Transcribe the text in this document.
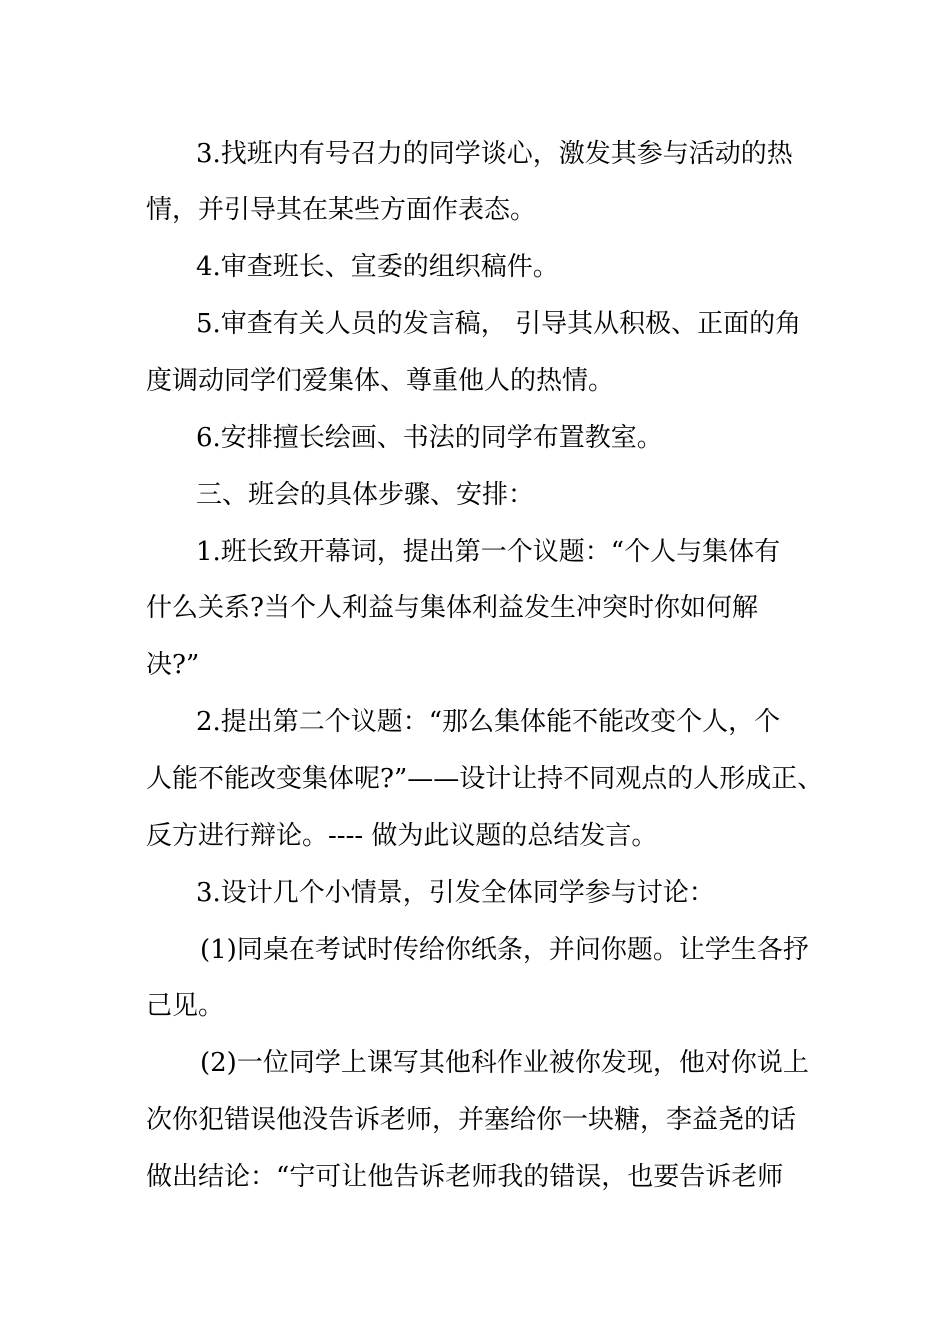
3.找班内有号召力的同学谈心，激发其参与活动的热

情，并引导其在某些方面作表态。

4.审查班长、宣委的组织稿件。

5.审查有关人员的发言稿， 引导其从积极、正面的角

度调动同学们爱集体、尊重他人的热情。

6.安排擅长绘画、书法的同学布置教室。

三、班会的具体步骤、安排：

1.班长致开幕词，提出第一个议题：“个人与集体有

什么关系?当个人利益与集体利益发生冲突时你如何解

决?”

2.提出第二个议题：“那么集体能不能改变个人，个

人能不能改变集体呢?”——设计让持不同观点的人形成正、

反方进行辩论。---- 做为此议题的总结发言。

3.设计几个小情景，引发全体同学参与讨论：

(1)同桌在考试时传给你纸条，并问你题。让学生各抒

己见。

(2)一位同学上课写其他科作业被你发现，他对你说上

次你犯错误他没告诉老师，并塞给你一块糖，李益尧的话

做出结论：“宁可让他告诉老师我的错误，也要告诉老师
